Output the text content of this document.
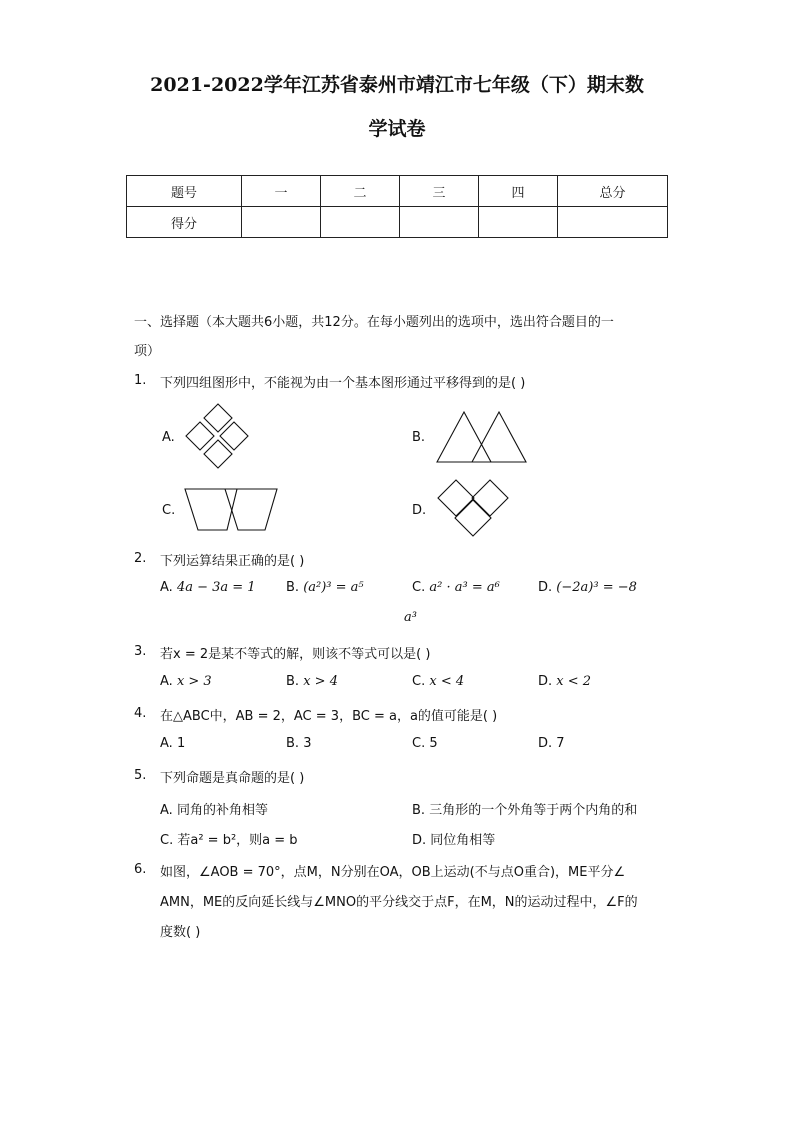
2021-2022学年江苏省泰州市靖江市七年级（下）期末数
学试卷
题号	一	二	三	四	总分
得分					
一、选择题（本大题共6小题，共12分。在每小题列出的选项中，选出符合题目的一
项）
1. 下列四组图形中，不能视为由一个基本图形通过平移得到的是( )
A.	B.
C.	D.
2. 下列运算结果正确的是( )
A. 4a − 3a = 1 B. (a²)³ = a⁵	C. a² · a³ = a⁶	D. (−2a)³ = −8
a³
3. 若x = 2是某不等式的解，则该不等式可以是( )
A. x > 3	B. x > 4	C. x < 4	D. x < 2
4. 在△ABC中，AB = 2，AC = 3，BC = a，a的值可能是( )
A. 1	B. 3	C. 5	D. 7
5. 下列命题是真命题的是( )
A. 同角的补角相等	B. 三角形的一个外角等于两个内角的和
C. 若a² = b²，则a = b	D. 同位角相等
6. 如图，∠AOB = 70°，点M，N分别在OA，OB上运动(不与点O重合)，ME平分∠
AMN，ME的反向延长线与∠MNO的平分线交于点F，在M，N的运动过程中，∠F的
度数( )
